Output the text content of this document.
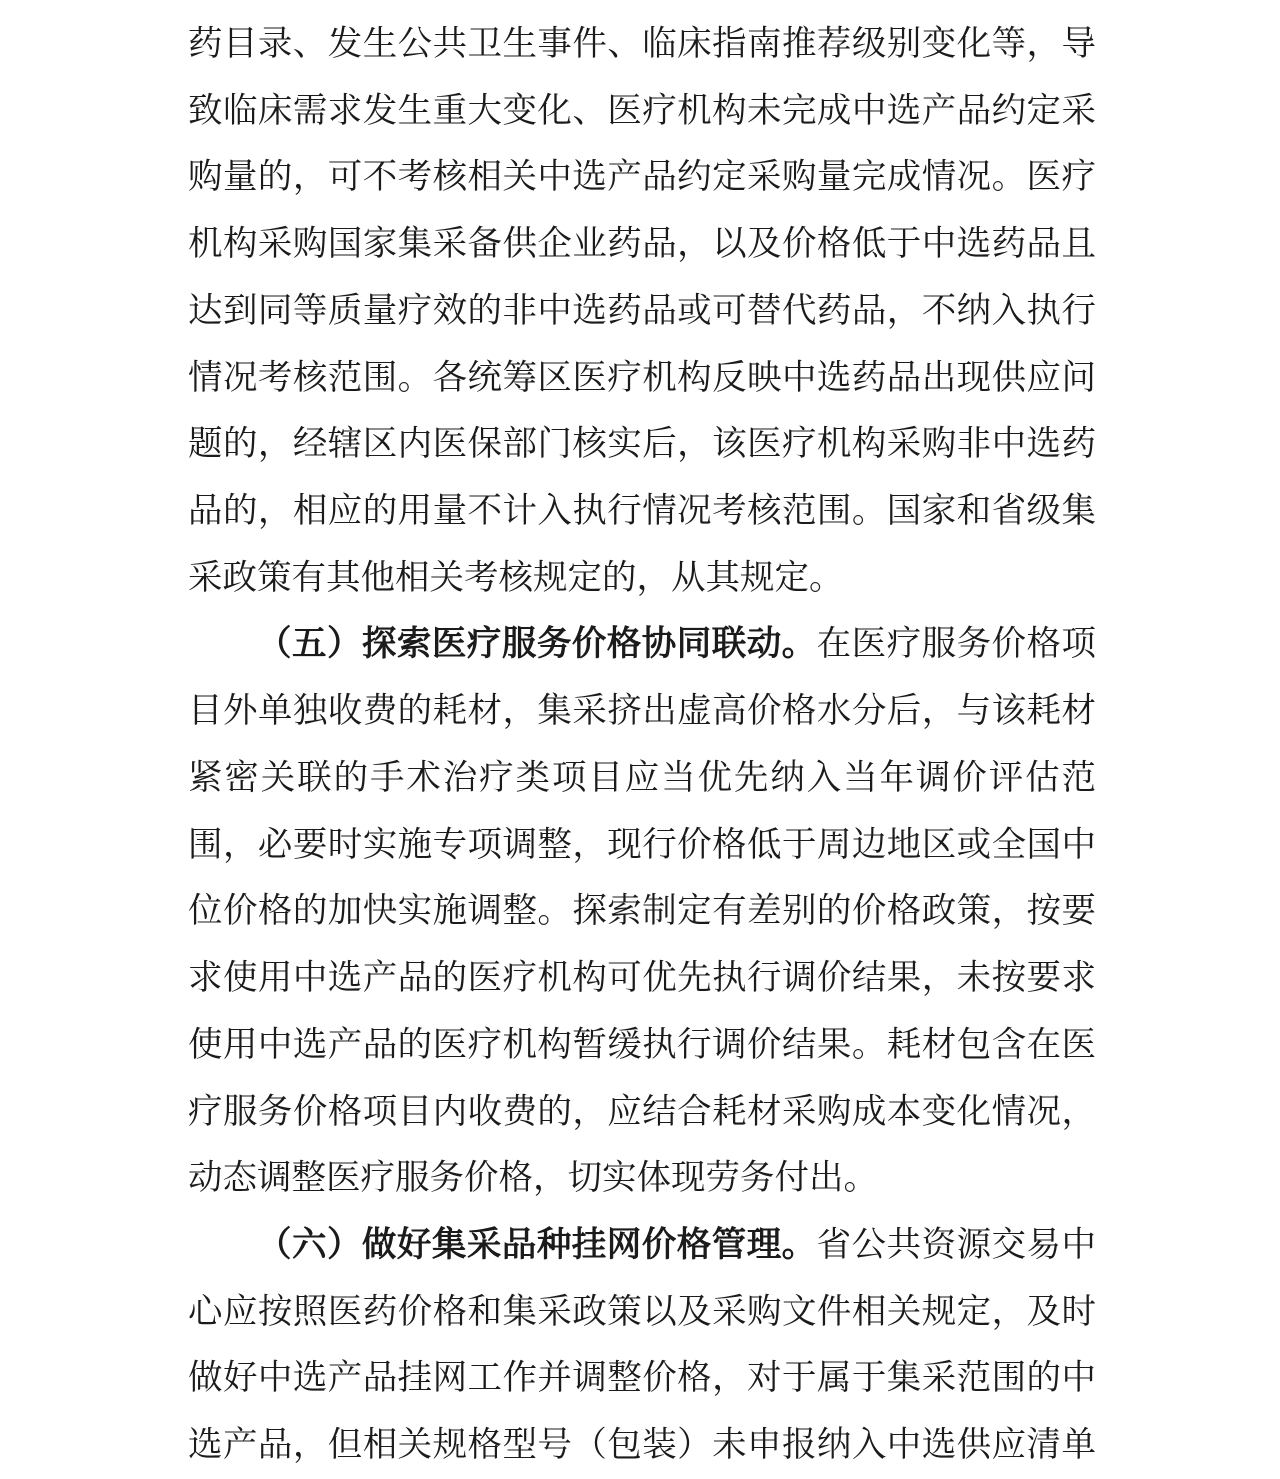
药目录、发生公共卫生事件、临床指南推荐级别变化等，导
致临床需求发生重大变化、医疗机构未完成中选产品约定采
购量的，可不考核相关中选产品约定采购量完成情况。医疗
机构采购国家集采备供企业药品，以及价格低于中选药品且
达到同等质量疗效的非中选药品或可替代药品，不纳入执行
情况考核范围。各统筹区医疗机构反映中选药品出现供应问
题的，经辖区内医保部门核实后，该医疗机构采购非中选药
品的，相应的用量不计入执行情况考核范围。国家和省级集
采政策有其他相关考核规定的，从其规定。
（五）探索医疗服务价格协同联动。在医疗服务价格项
目外单独收费的耗材，集采挤出虚高价格水分后，与该耗材
紧密关联的手术治疗类项目应当优先纳入当年调价评估范
围，必要时实施专项调整，现行价格低于周边地区或全国中
位价格的加快实施调整。探索制定有差别的价格政策，按要
求使用中选产品的医疗机构可优先执行调价结果，未按要求
使用中选产品的医疗机构暂缓执行调价结果。耗材包含在医
疗服务价格项目内收费的，应结合耗材采购成本变化情况，
动态调整医疗服务价格，切实体现劳务付出。
（六）做好集采品种挂网价格管理。省公共资源交易中
心应按照医药价格和集采政策以及采购文件相关规定，及时
做好中选产品挂网工作并调整价格，对于属于集采范围的中
选产品，但相关规格型号（包装）未申报纳入中选供应清单
